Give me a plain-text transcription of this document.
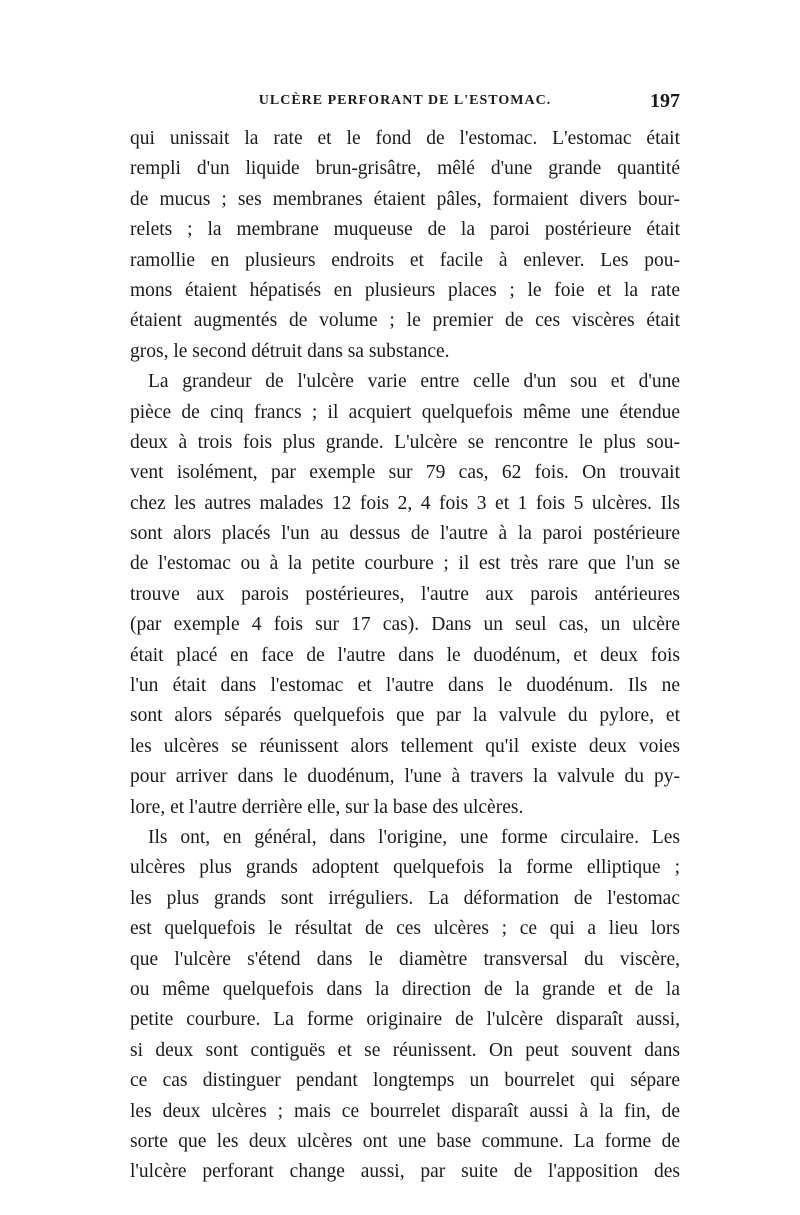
ULCÈRE PERFORANT DE L'ESTOMAC.	197
qui unissait la rate et le fond de l'estomac. L'estomac était
rempli d'un liquide brun-grisâtre, mêlé d'une grande quantité
de mucus ; ses membranes étaient pâles, formaient divers bour-
relets ; la membrane muqueuse de la paroi postérieure était
ramollie en plusieurs endroits et facile à enlever. Les pou-
mons étaient hépatisés en plusieurs places ; le foie et la rate
étaient augmentés de volume ; le premier de ces viscères était
gros, le second détruit dans sa substance.
La grandeur de l'ulcère varie entre celle d'un sou et d'une
pièce de cinq francs ; il acquiert quelquefois même une étendue
deux à trois fois plus grande. L'ulcère se rencontre le plus sou-
vent isolément, par exemple sur 79 cas, 62 fois. On trouvait
chez les autres malades 12 fois 2, 4 fois 3 et 1 fois 5 ulcères. Ils
sont alors placés l'un au dessus de l'autre à la paroi postérieure
de l'estomac ou à la petite courbure ; il est très rare que l'un se
trouve aux parois postérieures, l'autre aux parois antérieures
(par exemple 4 fois sur 17 cas). Dans un seul cas, un ulcère
était placé en face de l'autre dans le duodénum, et deux fois
l'un était dans l'estomac et l'autre dans le duodénum. Ils ne
sont alors séparés quelquefois que par la valvule du pylore, et
les ulcères se réunissent alors tellement qu'il existe deux voies
pour arriver dans le duodénum, l'une à travers la valvule du py-
lore, et l'autre derrière elle, sur la base des ulcères.
Ils ont, en général, dans l'origine, une forme circulaire. Les
ulcères plus grands adoptent quelquefois la forme elliptique ;
les plus grands sont irréguliers. La déformation de l'estomac
est quelquefois le résultat de ces ulcères ; ce qui a lieu lors
que l'ulcère s'étend dans le diamètre transversal du viscère,
ou même quelquefois dans la direction de la grande et de la
petite courbure. La forme originaire de l'ulcère disparaît aussi,
si deux sont contiguës et se réunissent. On peut souvent dans
ce cas distinguer pendant longtemps un bourrelet qui sépare
les deux ulcères ; mais ce bourrelet disparaît aussi à la fin, de
sorte que les deux ulcères ont une base commune. La forme de
l'ulcère perforant change aussi, par suite de l'apposition des
